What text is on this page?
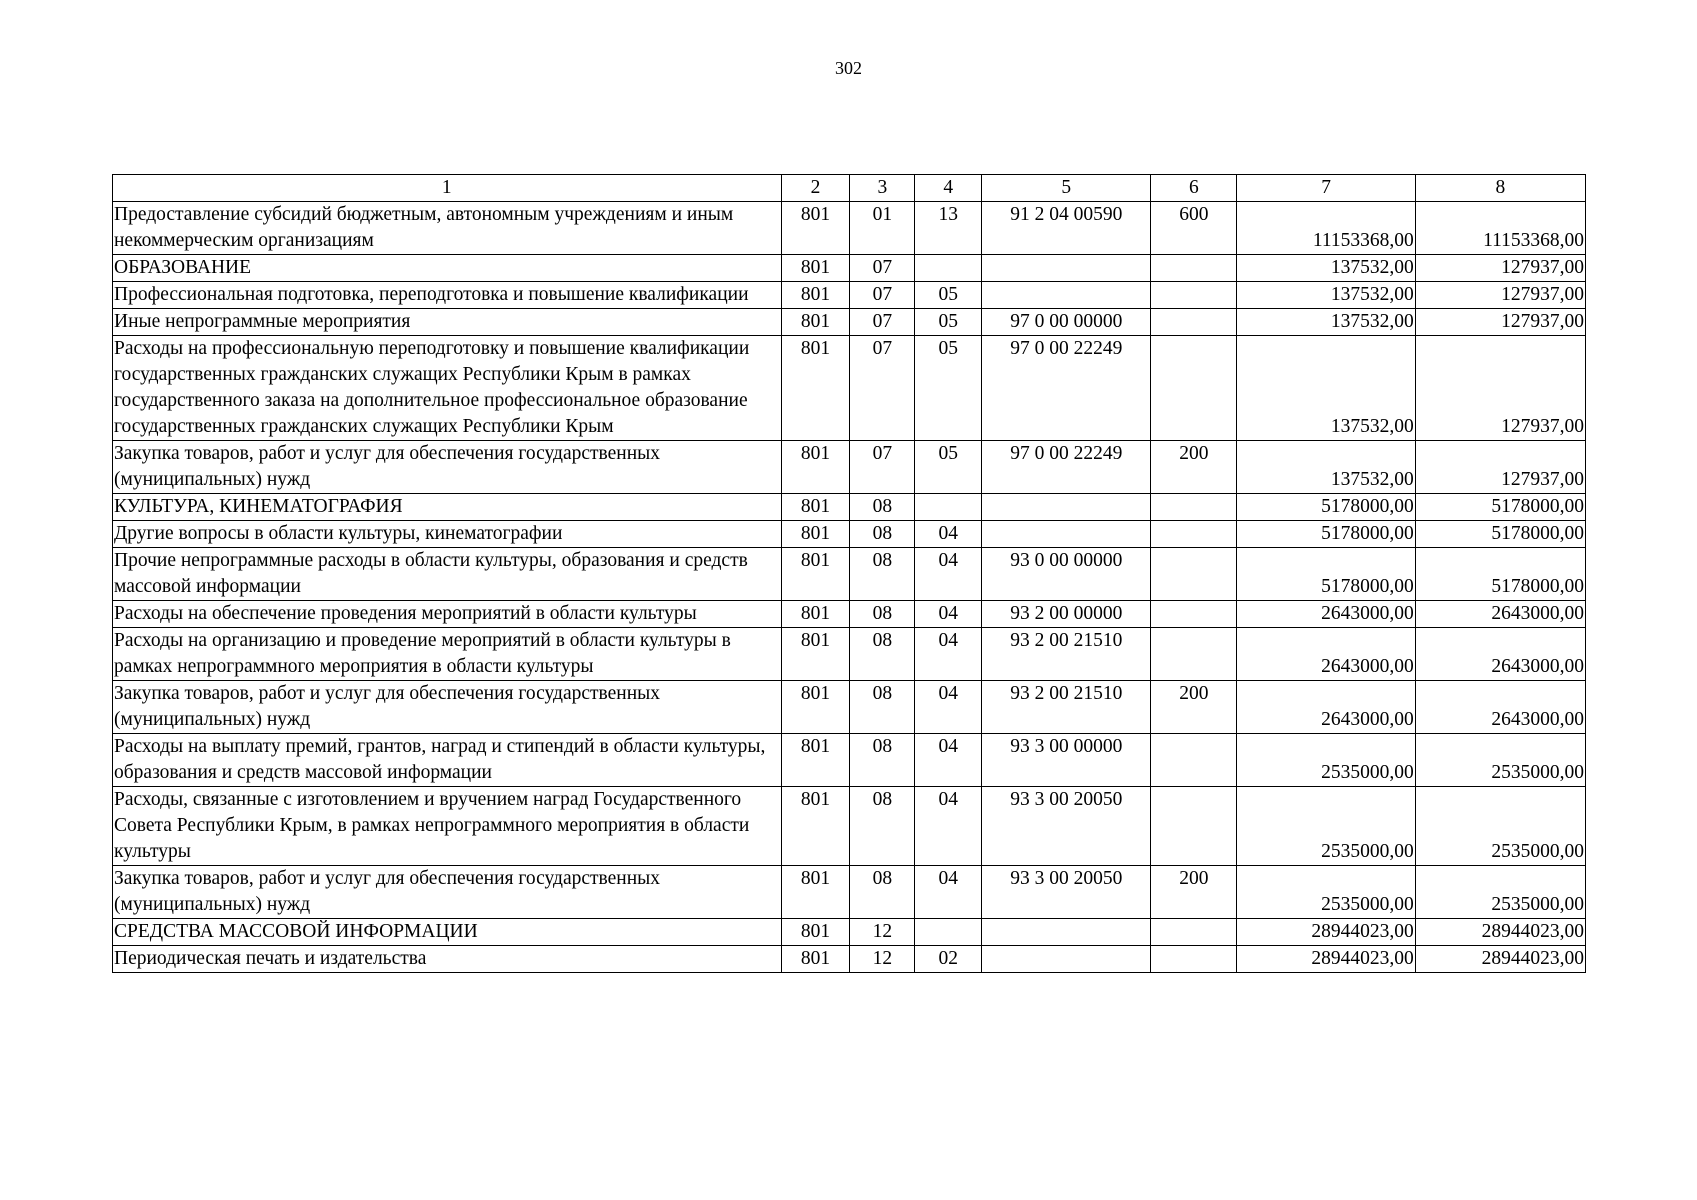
302
1	2	3	4	5	6	7	8
Предоставление субсидий бюджетным, автономным учреждениям и иным некоммерческим организациям	801	01	13	91 2 04 00590	600	11153368,00	11153368,00
ОБРАЗОВАНИЕ	801	07				137532,00	127937,00
Профессиональная подготовка, переподготовка и повышение квалификации	801	07	05			137532,00	127937,00
Иные непрограммные мероприятия	801	07	05	97 0 00 00000		137532,00	127937,00
Расходы на профессиональную переподготовку и повышение квалификации государственных гражданских служащих Республики Крым в рамках государственного заказа на дополнительное профессиональное образование государственных гражданских служащих Республики Крым	801	07	05	97 0 00 22249		137532,00	127937,00
Закупка товаров, работ и услуг для обеспечения государственных (муниципальных) нужд	801	07	05	97 0 00 22249	200	137532,00	127937,00
КУЛЬТУРА, КИНЕМАТОГРАФИЯ	801	08				5178000,00	5178000,00
Другие вопросы в области культуры, кинематографии	801	08	04			5178000,00	5178000,00
Прочие непрограммные расходы в области культуры, образования и средств массовой информации	801	08	04	93 0 00 00000		5178000,00	5178000,00
Расходы на обеспечение проведения мероприятий в области культуры	801	08	04	93 2 00 00000		2643000,00	2643000,00
Расходы на организацию и проведение мероприятий в области культуры в рамках непрограммного мероприятия в области культуры	801	08	04	93 2 00 21510		2643000,00	2643000,00
Закупка товаров, работ и услуг для обеспечения государственных (муниципальных) нужд	801	08	04	93 2 00 21510	200	2643000,00	2643000,00
Расходы на выплату премий, грантов, наград и стипендий в области культуры, образования и средств массовой информации	801	08	04	93 3 00 00000		2535000,00	2535000,00
Расходы, связанные с изготовлением и вручением наград Государственного Совета Республики Крым, в рамках непрограммного мероприятия в области культуры	801	08	04	93 3 00 20050		2535000,00	2535000,00
Закупка товаров, работ и услуг для обеспечения государственных (муниципальных) нужд	801	08	04	93 3 00 20050	200	2535000,00	2535000,00
СРЕДСТВА МАССОВОЙ ИНФОРМАЦИИ	801	12				28944023,00	28944023,00
Периодическая печать и издательства	801	12	02			28944023,00	28944023,00
